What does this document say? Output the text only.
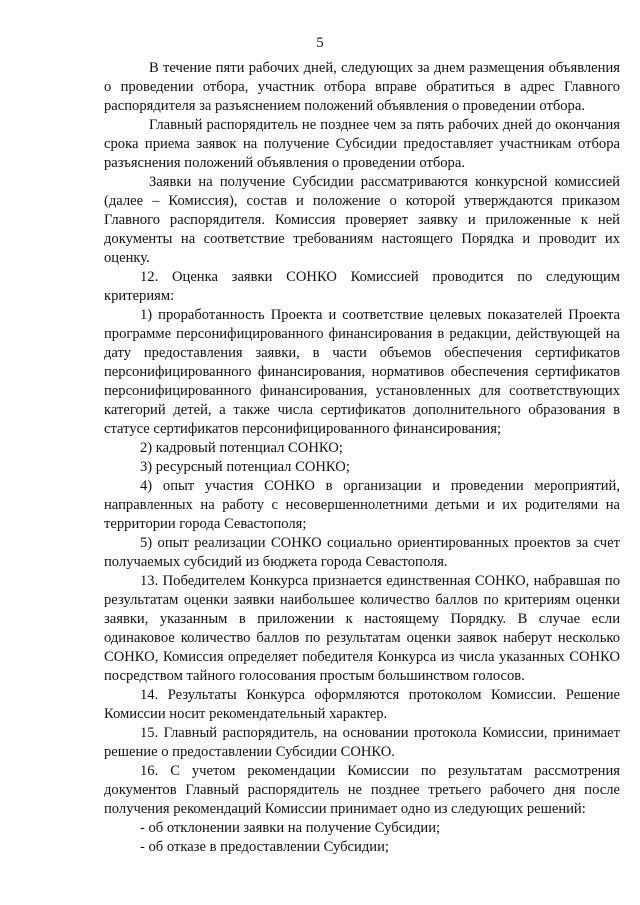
5

В течение пяти рабочих дней, следующих за днем размещения объявления о проведении отбора, участник отбора вправе обратиться в адрес Главного распорядителя за разъяснением положений объявления о проведении отбора.

Главный распорядитель не позднее чем за пять рабочих дней до окончания срока приема заявок на получение Субсидии предоставляет участникам отбора разъяснения положений объявления о проведении отбора.

Заявки на получение Субсидии рассматриваются конкурсной комиссией (далее – Комиссия), состав и положение о которой утверждаются приказом Главного распорядителя. Комиссия проверяет заявку и приложенные к ней документы на соответствие требованиям настоящего Порядка и проводит их оценку.

12. Оценка заявки СОНКО Комиссией проводится по следующим критериям:

1) проработанность Проекта и соответствие целевых показателей Проекта программе персонифицированного финансирования в редакции, действующей на дату предоставления заявки, в части объемов обеспечения сертификатов персонифицированного финансирования, нормативов обеспечения сертификатов персонифицированного финансирования, установленных для соответствующих категорий детей, а также числа сертификатов дополнительного образования в статусе сертификатов персонифицированного финансирования;

2) кадровый потенциал СОНКО;

3) ресурсный потенциал СОНКО;

4) опыт участия СОНКО в организации и проведении мероприятий, направленных на работу с несовершеннолетними детьми и их родителями на территории города Севастополя;

5) опыт реализации СОНКО социально ориентированных проектов за счет получаемых субсидий из бюджета города Севастополя.

13. Победителем Конкурса признается единственная СОНКО, набравшая по результатам оценки заявки наибольшее количество баллов по критериям оценки заявки, указанным в приложении к настоящему Порядку. В случае если одинаковое количество баллов по результатам оценки заявок наберут несколько СОНКО, Комиссия определяет победителя Конкурса из числа указанных СОНКО посредством тайного голосования простым большинством голосов.

14. Результаты Конкурса оформляются протоколом Комиссии. Решение Комиссии носит рекомендательный характер.

15. Главный распорядитель, на основании протокола Комиссии, принимает решение о предоставлении Субсидии СОНКО.

16. С учетом рекомендации Комиссии по результатам рассмотрения документов Главный распорядитель не позднее третьего рабочего дня после получения рекомендаций Комиссии принимает одно из следующих решений:

- об отклонении заявки на получение Субсидии;

- об отказе в предоставлении Субсидии;
